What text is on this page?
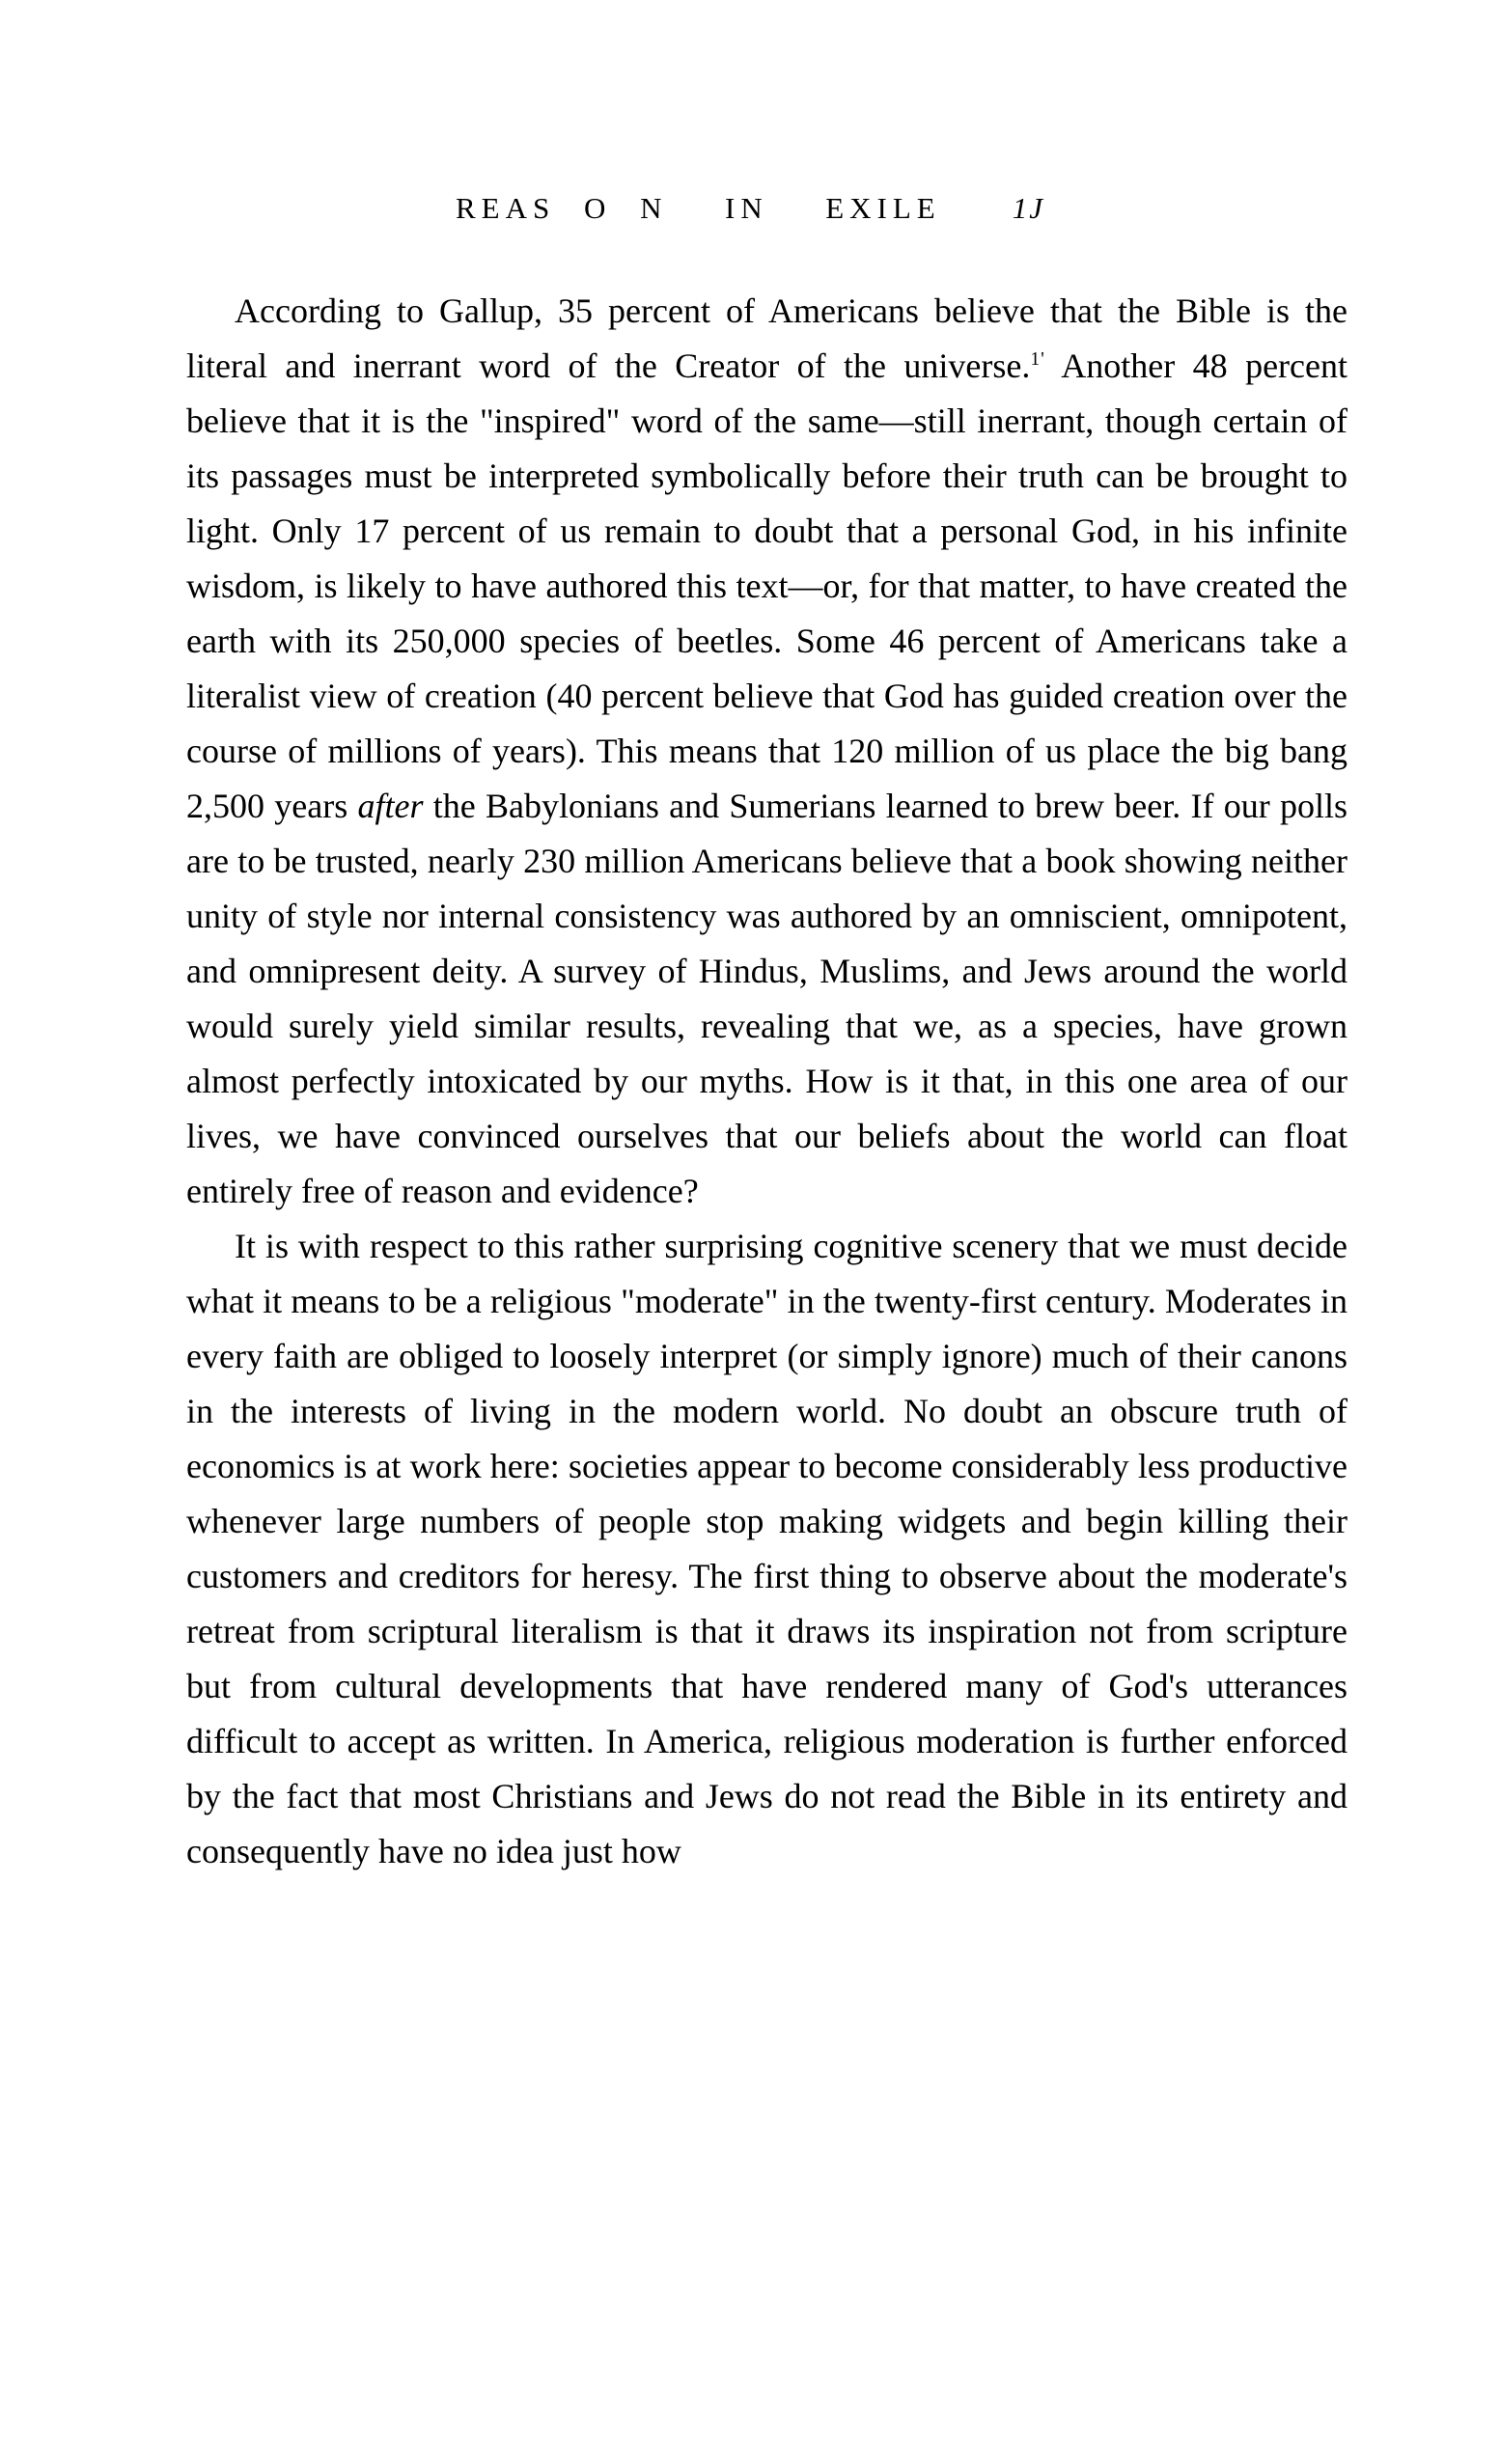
REAS O N  IN  EXILE 1J

According to Gallup, 35 percent of Americans believe that the Bible is the literal and inerrant word of the Creator of the universe.$^{1'}$ Another 48 percent believe that it is the "inspired" word of the same—still inerrant, though certain of its passages must be interpreted symbolically before their truth can be brought to light. Only 17 percent of us remain to doubt that a personal God, in his infinite wisdom, is likely to have authored this text—or, for that matter, to have created the earth with its 250,000 species of beetles. Some 46 percent of Americans take a literalist view of creation (40 percent believe that God has guided creation over the course of millions of years). This means that 120 million of us place the big bang 2,500 years after the Babylonians and Sumerians learned to brew beer. If our polls are to be trusted, nearly 230 million Americans believe that a book showing neither unity of style nor internal consistency was authored by an omniscient, omnipotent, and omnipresent deity. A survey of Hindus, Muslims, and Jews around the world would surely yield similar results, revealing that we, as a species, have grown almost perfectly intoxicated by our myths. How is it that, in this one area of our lives, we have convinced ourselves that our beliefs about the world can float entirely free of reason and evidence?

It is with respect to this rather surprising cognitive scenery that we must decide what it means to be a religious "moderate" in the twenty-first century. Moderates in every faith are obliged to loosely interpret (or simply ignore) much of their canons in the interests of living in the modern world. No doubt an obscure truth of economics is at work here: societies appear to become considerably less productive whenever large numbers of people stop making widgets and begin killing their customers and creditors for heresy. The first thing to observe about the moderate's retreat from scriptural literalism is that it draws its inspiration not from scripture but from cultural developments that have rendered many of God's utterances difficult to accept as written. In America, religious moderation is further enforced by the fact that most Christians and Jews do not read the Bible in its entirety and consequently have no idea just how
